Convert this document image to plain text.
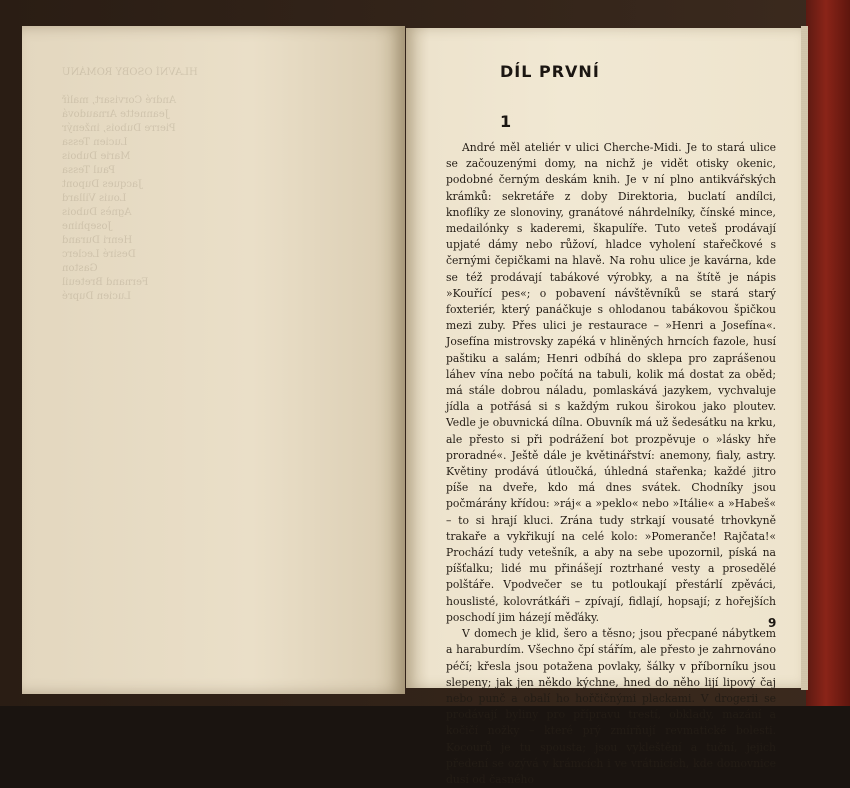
HLAVNÍ OSOBY ROMÁNU

André Corvisart, malíř
Jeannette Arnaudová
Pierre Dubois, inženýr
Lucien Tessa
Marie Dubois
Paul Tessa
Jacques Dupont
Louis Villard
Agnès Dubois
Josephine
Henri Durand
Desiré Leclerc
Gaston
Fernand Breteuil
Lucien Dupré
DÍL PRVNÍ
1

André měl ateliér v ulici Cherche-Midi. Je to stará ulice se začouzenými domy, na nichž je vidět otisky okenic, podobné černým deskám knih. Je v ní plno antikvářských krámků: sekretáře z doby Direktoria, buclatí andílci, knoflíky ze slonoviny, granátové náhrdelníky, čínské mince, medailónky s kaderemi, škapulíře. Tuto veteš prodávají upjaté dámy nebo růžoví, hladce vyholení stařečkové s černými čepičkami na hlavě. Na rohu ulice je kavárna, kde se též prodávají tabákové výrobky, a na štítě je nápis »Kouřící pes«; o pobavení návštěvníků se stará starý foxteriér, který panáčkuje s ohlodanou tabákovou špičkou mezi zuby. Přes ulici je restaurace – »Henri a Josefína«. Josefína mistrovsky zapéká v hliněných hrncích fazole, husí paštiku a salám; Henri odbíhá do sklepa pro zaprášenou láhev vína nebo počítá na tabuli, kolik má dostat za oběd; má stále dobrou náladu, pomlaskává jazykem, vychvaluje jídla a potřásá si s každým rukou širokou jako ploutev. Vedle je obuvnická dílna. Obuvník má už šedesátku na krku, ale přesto si při podrážení bot prozpěvuje o »lásky hře proradné«. Ještě dále je květinářství: anemony, fialy, astry. Květiny prodává útloučká, úhledná stařenka; každé jitro píše na dveře, kdo má dnes svátek. Chodníky jsou počmárány křídou: »ráj« a »peklo« nebo »Itálie« a »Habeš« – to si hrají kluci. Zrána tudy strkají vousaté trhovkyně trakaře a vykřikují na celé kolo: »Pomeranče! Rajčata!« Prochází tudy vetešník, a aby na sebe upozornil, píská na píšťalku; lidé mu přinášejí roztrhané vesty a prosedělé polštáře. Vpodvečer se tu potloukají přestárlí zpěváci, houslisté, kolovrátkáři – zpívají, fidlají, hopsají; z hořejších poschodí jim házejí měďáky.

V domech je klid, šero a těsno; jsou přecpané nábytkem a haraburdím. Všechno čpí stářím, ale přesto je zahrnováno péčí; křesla jsou potažena povlaky, šálky v příborníku jsou slepeny; jak jen někdo kýchne, hned do něho lijí lipový čaj nebo punč a obalí ho hořčičnými plackami. V drogerii se prodávají byliny pro přípravu trestí, obklady, mazání a kočičí nožky – které prý zmírňují revmatické bolesti. Kocourů je tu spousta; jsou vykleštění a tuční, jejich předení se ozývá v krámcích i ve vrátnicích, kde domovnice dusí od časného

9
